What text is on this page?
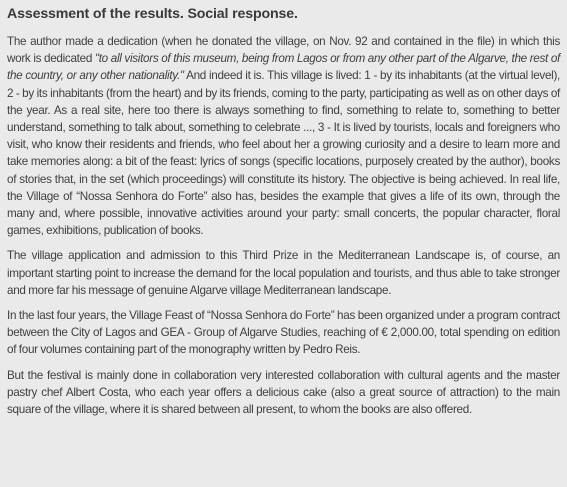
Assessment of the results. Social response.

The author made a dedication (when he donated the village, on Nov. 92 and contained in the file) in which this work is dedicated "to all visitors of this museum, being from Lagos or from any other part of the Algarve, the rest of the country, or any other nationality." And indeed it is. This village is lived: 1 - by its inhabitants (at the virtual level), 2 - by its inhabitants (from the heart) and by its friends, coming to the party, participating as well as on other days of the year. As a real site, here too there is always something to find, something to relate to, something to better understand, something to talk about, something to celebrate ..., 3 - It is lived by tourists, locals and foreigners who visit, who know their residents and friends, who feel about her a growing curiosity and a desire to learn more and take memories along: a bit of the feast: lyrics of songs (specific locations, purposely created by the author), books of stories that, in the set (which proceedings) will constitute its history. The objective is being achieved. In real life, the Village of “Nossa Senhora do Forte” also has, besides the example that gives a life of its own, through the many and, where possible, innovative activities around your party: small concerts, the popular character, floral games, exhibitions, publication of books.

The village application and admission to this Third Prize in the Mediterranean Landscape is, of course, an important starting point to increase the demand for the local population and tourists, and thus able to take stronger and more far his message of genuine Algarve village Mediterranean landscape.

In the last four years, the Village Feast of “Nossa Senhora do Forte” has been organized under a program contract between the City of Lagos and GEA - Group of Algarve Studies, reaching of € 2,000.00, total spending on edition of four volumes containing part of the monography written by Pedro Reis.

But the festival is mainly done in collaboration very interested collaboration with cultural agents and the master pastry chef Albert Costa, who each year offers a delicious cake (also a great source of attraction) to the main square of the village, where it is shared between all present, to whom the books are also offered.
